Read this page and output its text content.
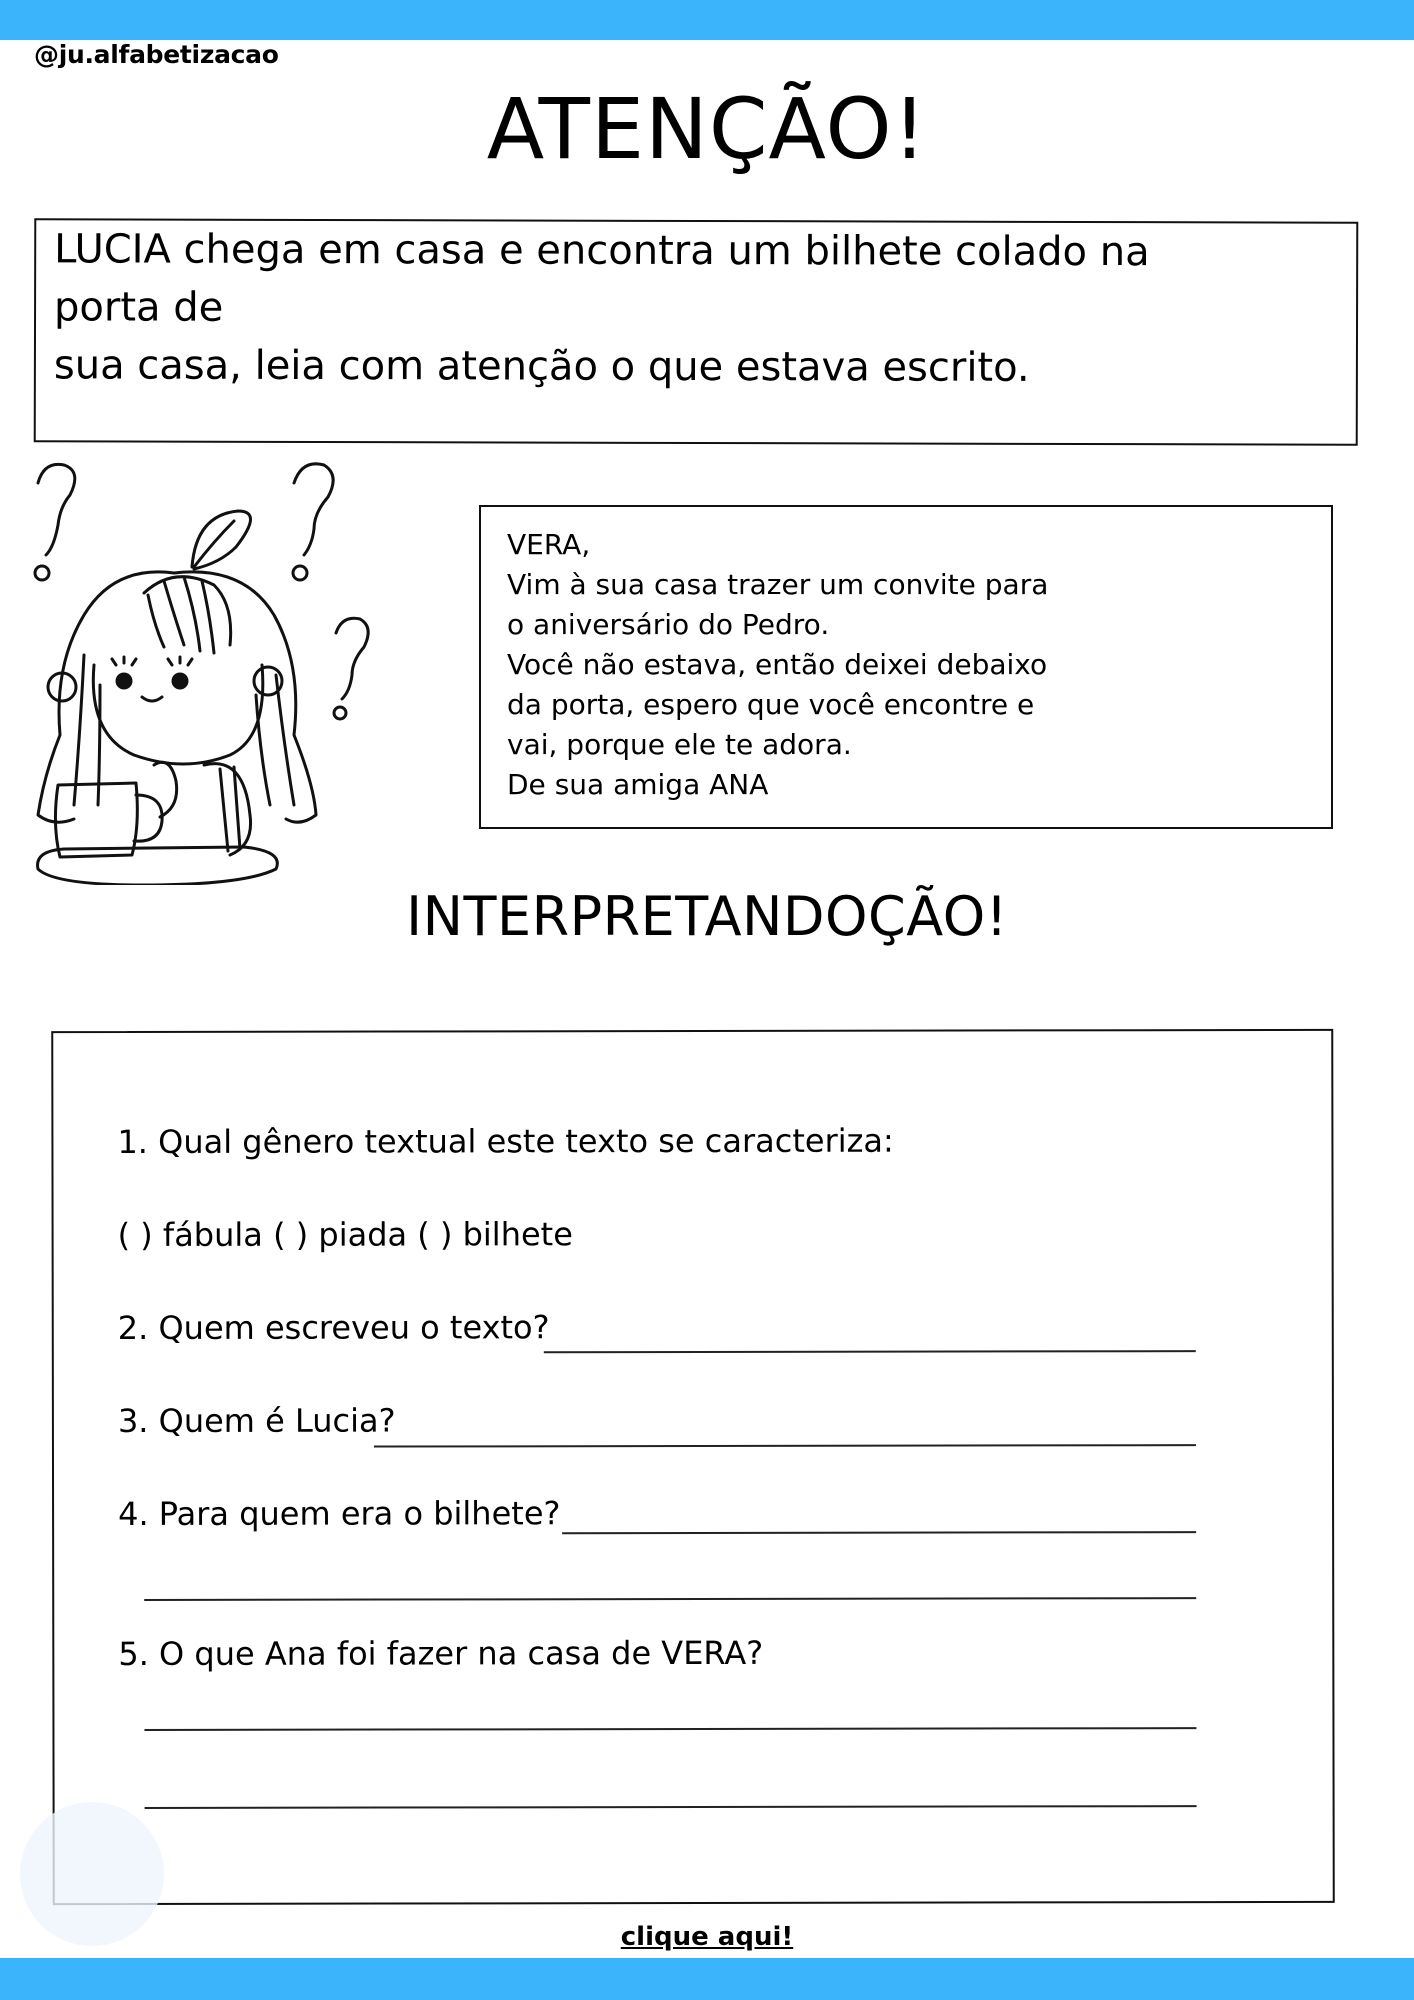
@ju.alfabetizacao
ATENÇÃO!
LUCIA chega em casa e encontra um bilhete colado na
porta de
sua casa, leia com atenção o que estava escrito.
VERA,
Vim à sua casa trazer um convite para
o aniversário do Pedro.
Você não estava, então deixei debaixo
da porta, espero que você encontre e
vai, porque ele te adora.
De sua amiga ANA
INTERPRETANDOÇÃO!
1. Qual gênero textual este texto se caracteriza:
( ) fábula ( ) piada ( ) bilhete
2. Quem escreveu o texto?
3. Quem é Lucia?
4. Para quem era o bilhete?
5. O que Ana foi fazer na casa de VERA?
clique aqui!
